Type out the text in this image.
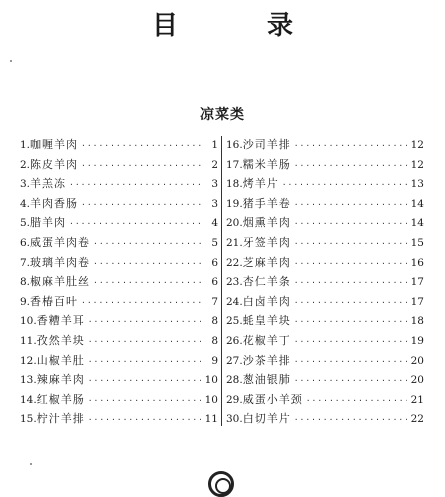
目 录
凉菜类
1. 咖喱羊肉 ·····	1
2. 陈皮羊肉 ·····	2
3. 羊羔冻 ·····	3
4. 羊肉香肠 ·····	3
5. 腊羊肉 ·····	4
6. 威蛋羊肉卷 ·····	5
7. 玻璃羊肉卷 ·····	6
8. 椒麻羊肚丝 ·····	6
9. 香椿百叶 ·····	7
10. 香糟羊耳 ·····	8
11. 孜然羊块 ·····	8
12. 山椒羊肚 ·····	9
13. 辣麻羊肉 ·····	10
14. 红椒羊肠 ·····	10
15. 柠汁羊排 ·····	11
16. 沙司羊排 ·····	12
17. 糯米羊肠 ·····	12
18. 烤羊片 ·····	13
19. 猪手羊卷 ·····	14
20. 烟熏羊肉 ·····	14
21. 牙签羊肉 ·····	15
22. 芝麻羊肉 ·····	16
23. 杏仁羊条 ·····	17
24. 白卤羊肉 ·····	17
25. 蚝皇羊块 ·····	18
26. 花椒羊丁 ·····	19
27. 沙茶羊排 ·····	20
28. 葱油银肺 ·····	20
29. 威蛋小羊颈 ·····	21
30. 白切羊片 ·····	22
